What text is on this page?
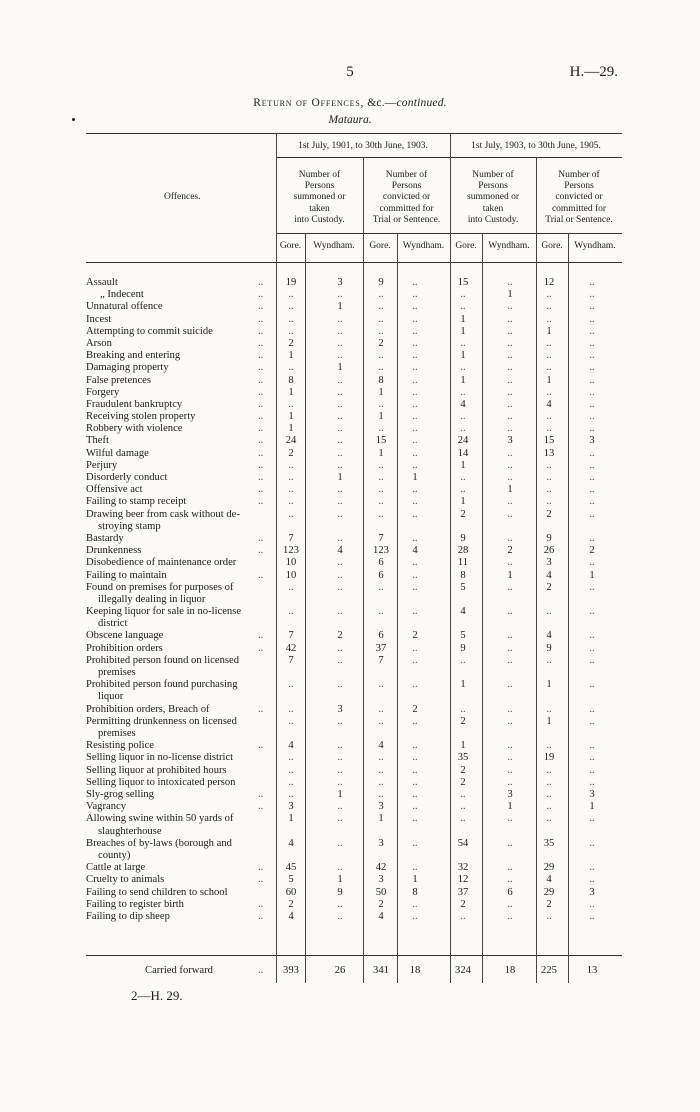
5	H.—29.
Return of Offences, &c.—continued.
Mataura.
Offences.
1st July, 1901, to 30th June, 1903.	1st July, 1903, to 30th June, 1905.
Number of
Persons
summoned or
taken
into Custody.
Number of
Persons
convicted or
committed for
Trial or Sentence.
Number of
Persons
summoned or
taken
into Custody.
Number of
Persons
convicted or
committed for
Trial or Sentence.
Gore.	Wyndham.	Gore.	Wyndham.	Gore.	Wyndham.	Gore.	Wyndham.
Assault	..	19	3	9	..	15	..	12	..
„ Indecent	..	..	..	..	..	..	1	..	..
Unnatural offence	..	..	1	..	..	..	..	..	..
Incest	..	..	..	..	..	1	..	..	..
Attempting to commit suicide	..	..	..	..	..	1	..	1	..
Arson	..	2	..	2	..	..	..	..	..
Breaking and entering	..	1	..	..	..	1	..	..	..
Damaging property	..	..	1	..	..	..	..	..	..
False pretences	..	8	..	8	..	1	..	1	..
Forgery	..	1	..	1	..	..	..	..	..
Fraudulent bankruptcy	..	..	..	..	..	4	..	4	..
Receiving stolen property	..	1	..	1	..	..	..	..	..
Robbery with violence	..	1	..	..	..	..	..	..	..
Theft	..	24	..	15	..	24	3	15	3
Wilful damage	..	2	..	1	..	14	..	13	..
Perjury	..	..	..	..	..	1	..	..	..
Disorderly conduct	..	..	1	..	1	..	..	..	..
Offensive act	..	..	..	..	..	..	1	..	..
Failing to stamp receipt	..	..	..	..	..	1	..	..	..
Drawing beer from cask without de-
stroying stamp
..	..	..	..	2	..	2	..
Bastardy	..	7	..	7	..	9	..	9	..
Drunkenness	..	123	4	123	4	28	2	26	2
Disobedience of maintenance order	10	..	6	..	11	..	3	..
Failing to maintain	..	10	..	6	..	8	1	4	1
Found on premises for purposes of
illegally dealing in liquor
..	..	..	..	5	..	2	..
Keeping liquor for sale in no-license
district
..	..	..	..	4	..	..	..
Obscene language	..	7	2	6	2	5	..	4	..
Prohibition orders	..	42	..	37	..	9	..	9	..
Prohibited person found on licensed
premises
7	..	7	..	..	..	..	..
Prohibited person found purchasing
liquor
..	..	..	..	1	..	1	..
Prohibition orders, Breach of	..	..	3	..	2	..	..	..	..
Permitting drunkenness on licensed
premises
..	..	..	..	2	..	1	..
Resisting police	..	4	..	4	..	1	..	..	..
Selling liquor in no-license district	..	..	..	..	35	..	19	..
Selling liquor at prohibited hours	..	..	..	..	2	..	..	..
Selling liquor to intoxicated person	..	..	..	..	2	..	..	..
Sly-grog selling	..	..	1	..	..	..	3	..	3
Vagrancy	..	3	..	3	..	..	1	..	1
Allowing swine within 50 yards of
slaughterhouse
1	..	1	..	..	..	..	..
Breaches of by-laws (borough and
county)
4	..	3	..	54	..	35	..
Cattle at large	..	45	..	42	..	32	..	29	..
Cruelty to animals	..	5	1	3	1	12	..	4	..
Failing to send children to school	60	9	50	8	37	6	29	3
Failing to register birth	..	2	..	2	..	2	..	2	..
Failing to dip sheep	..	4	..	4	..	..	..	..	..
Carried forward	..	393	26	341	18	324	18	225	13
2—H. 29.
